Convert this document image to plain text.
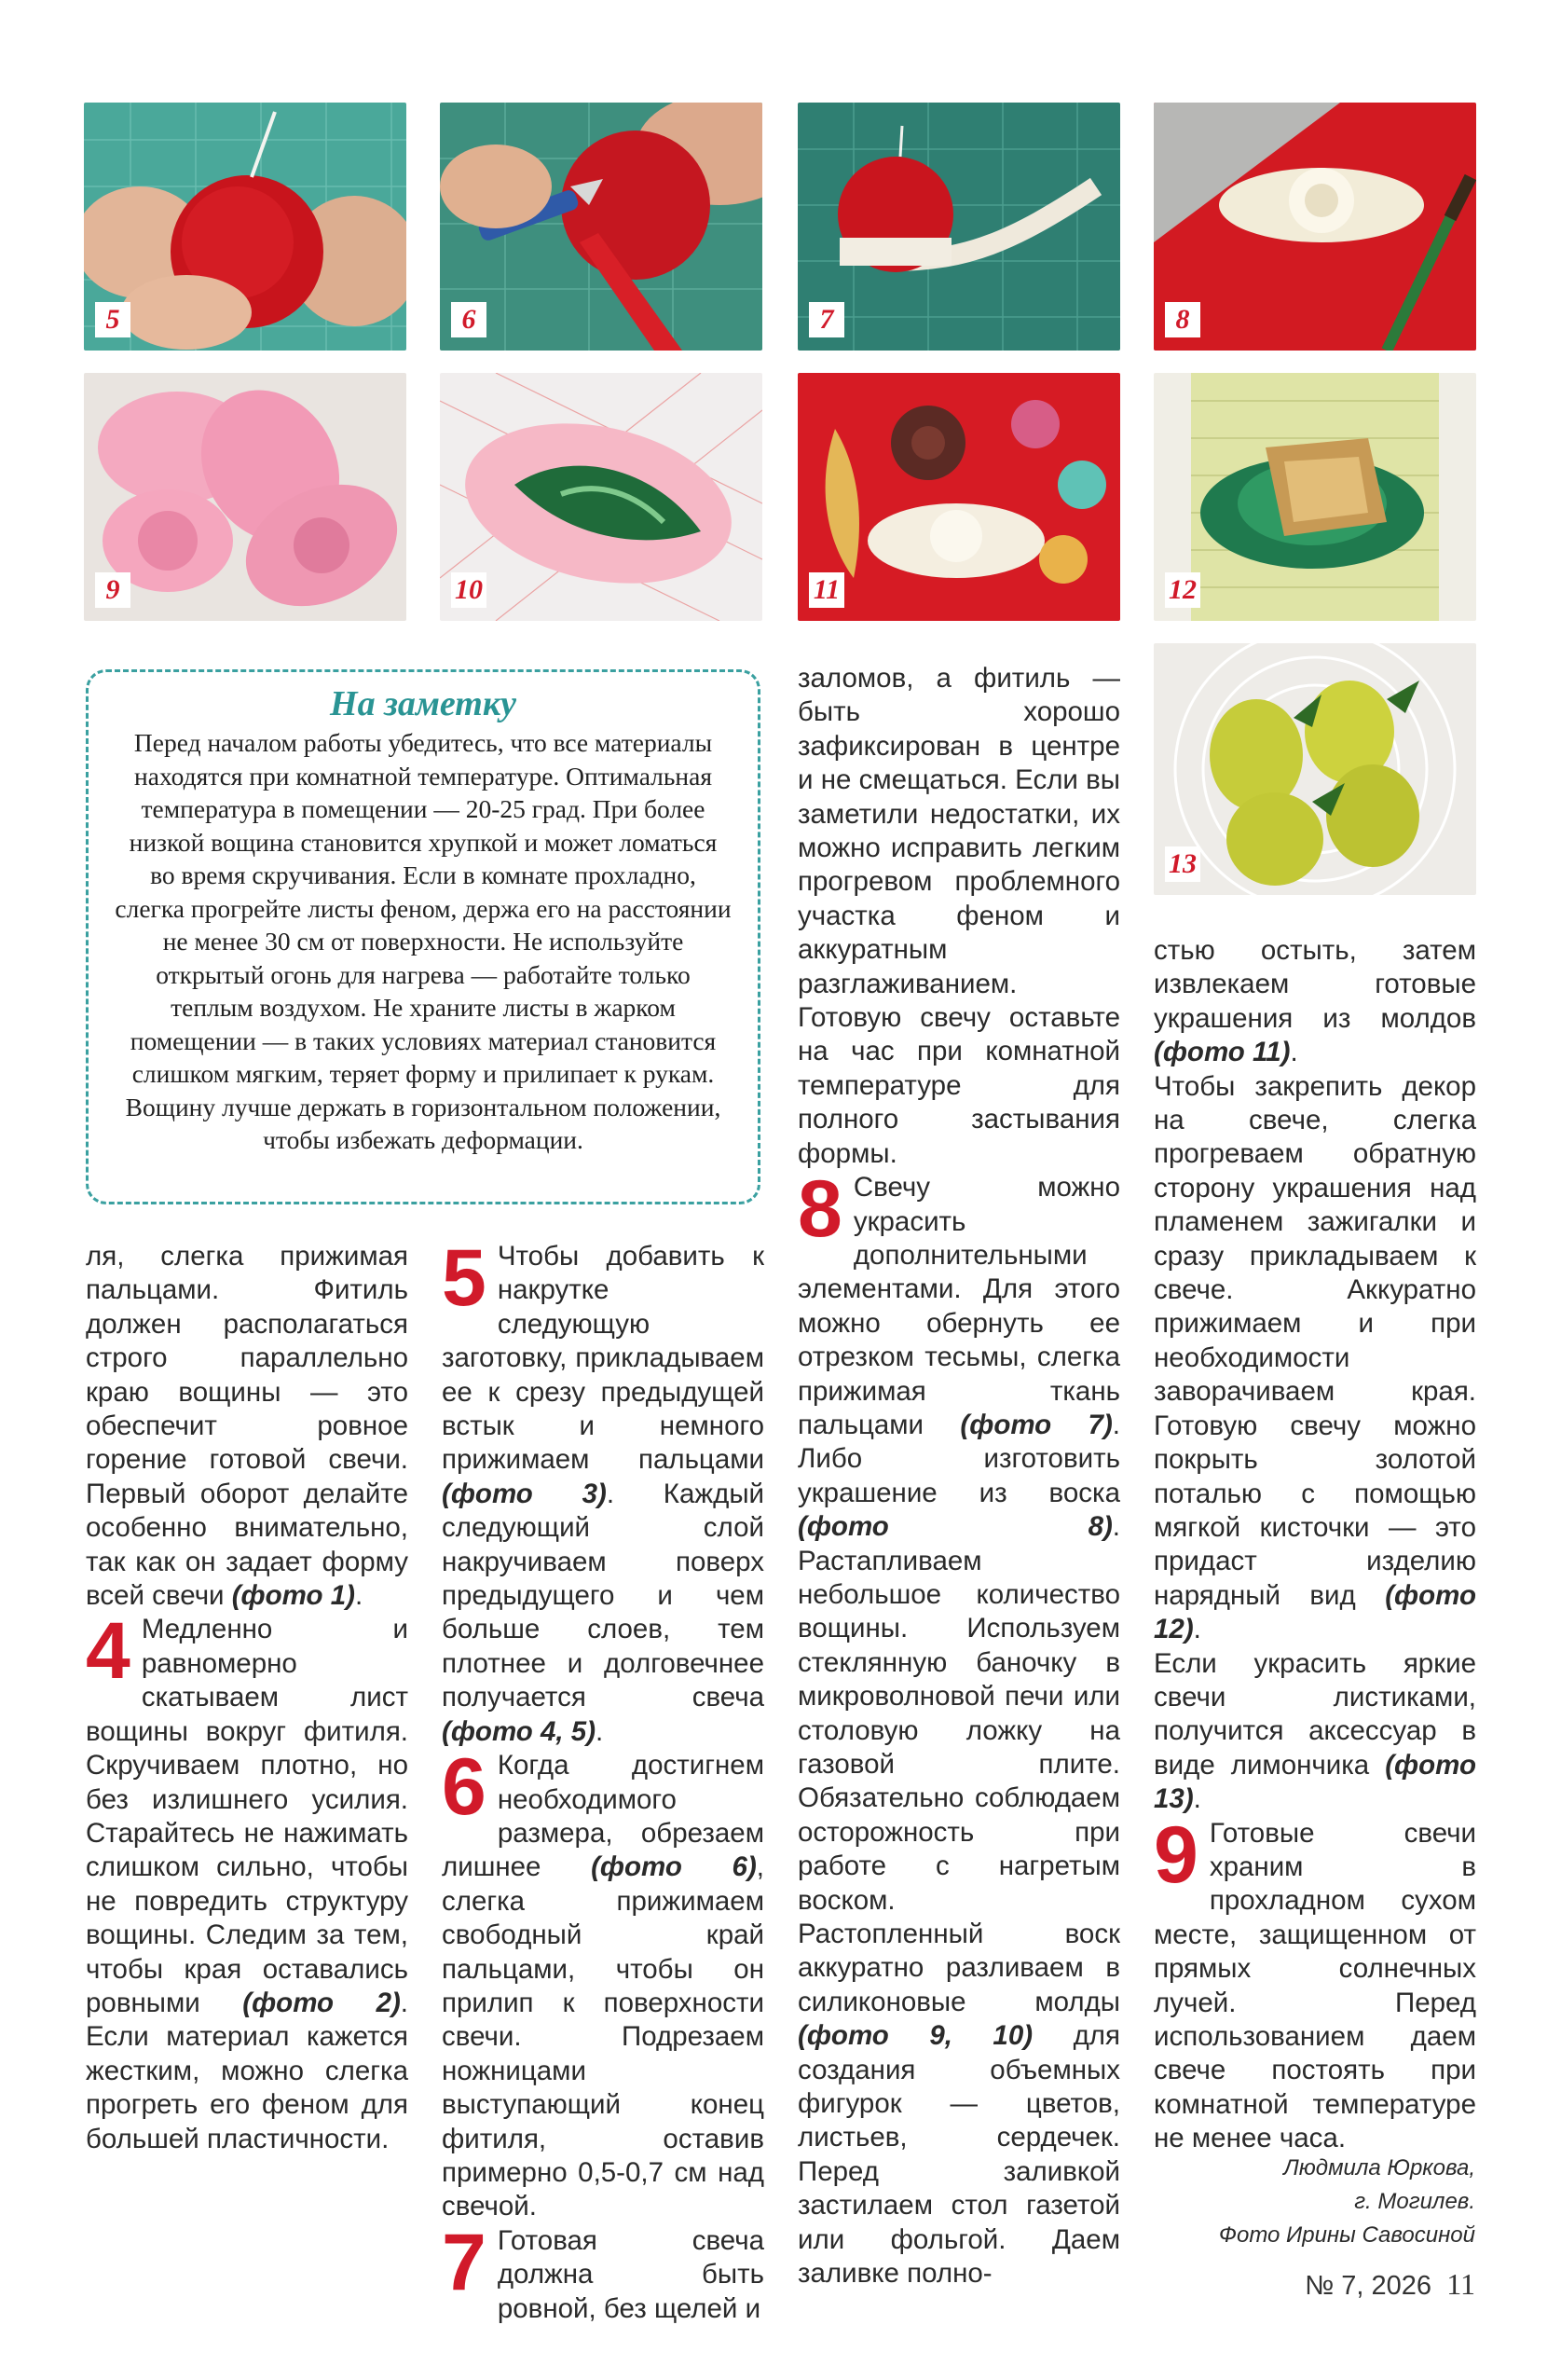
5	6	7	8
9	10	11	12
13
На заметку
Перед началом работы убедитесь, что все материалы находятся при комнатной температуре. Оптимальная температура в помещении — 20-25 град. При более низкой вощина становится хрупкой и может ломаться во время скручивания. Если в комнате прохладно, слегка прогрейте листы феном, держа его на расстоянии не менее 30 см от поверхности. Не используйте открытый огонь для нагрева — работайте только теплым воздухом. Не храните листы в жарком помещении — в таких условиях материал становится слишком мягким, теряет форму и прилипает к рукам. Вощину лучше держать в горизонтальном положении, чтобы избежать деформации.

ля, слегка прижимая пальцами. Фитиль должен располагаться строго параллельно краю вощины — это обеспечит ровное горение готовой свечи. Первый оборот делайте особенно внимательно, так как он задает форму всей свечи (фото 1).

4 Медленно и равномерно скатываем лист вощины вокруг фитиля. Скручиваем плотно, но без излишнего усилия. Старайтесь не нажимать слишком сильно, чтобы не повредить структуру вощины. Следим за тем, чтобы края оставались ровными (фото 2). Если материал кажется жестким, можно слегка прогреть его феном для большей пластичности.

5 Чтобы добавить к накрутке следующую заготовку, прикладываем ее к срезу предыдущей встык и немного прижимаем пальцами (фото 3). Каждый следующий слой накручиваем поверх предыдущего и чем больше слоев, тем плотнее и долговечнее получается свеча (фото 4, 5).

6 Когда достигнем необходимого размера, обрезаем лишнее (фото 6), слегка прижимаем свободный край пальцами, чтобы он прилип к поверхности свечи. Подрезаем ножницами выступающий конец фитиля, оставив примерно 0,5-0,7 см над свечой.

7 Готовая свеча должна быть ровной, без щелей и

заломов, а фитиль — быть хорошо зафиксирован в центре и не смещаться. Если вы заметили недостатки, их можно исправить легким прогревом проблемного участка феном и аккуратным разглаживанием. Готовую свечу оставьте на час при комнатной температуре для полного застывания формы.

8 Свечу можно украсить дополнительными элементами. Для этого можно обернуть ее отрезком тесьмы, слегка прижимая ткань пальцами (фото 7). Либо изготовить украшение из воска (фото 8). Растапливаем небольшое количество вощины. Используем стеклянную баночку в микроволновой печи или столовую ложку на газовой плите. Обязательно соблюдаем осторожность при работе с нагретым воском.

Растопленный воск аккуратно разливаем в силиконовые молды (фото 9, 10) для создания объемных фигурок — цветов, листьев, сердечек. Перед заливкой застилаем стол газетой или фольгой. Даем заливке полно-

стью остыть, затем извлекаем готовые украшения из молдов (фото 11).

Чтобы закрепить декор на свече, слегка прогреваем обратную сторону украшения над пламенем зажигалки и сразу прикладываем к свече. Аккуратно прижимаем и при необходимости заворачиваем края. Готовую свечу можно покрыть золотой поталью с помощью мягкой кисточки — это придаст изделию нарядный вид (фото 12).

Если украсить яркие свечи листиками, получится аксессуар в виде лимончика (фото 13).

9 Готовые свечи храним в прохладном сухом месте, защищенном от прямых солнечных лучей. Перед использованием даем свече постоять при комнатной температуре не менее часа.

Людмила Юркова,
г. Могилев.
Фото Ирины Савосиной
№ 7, 2026 11
